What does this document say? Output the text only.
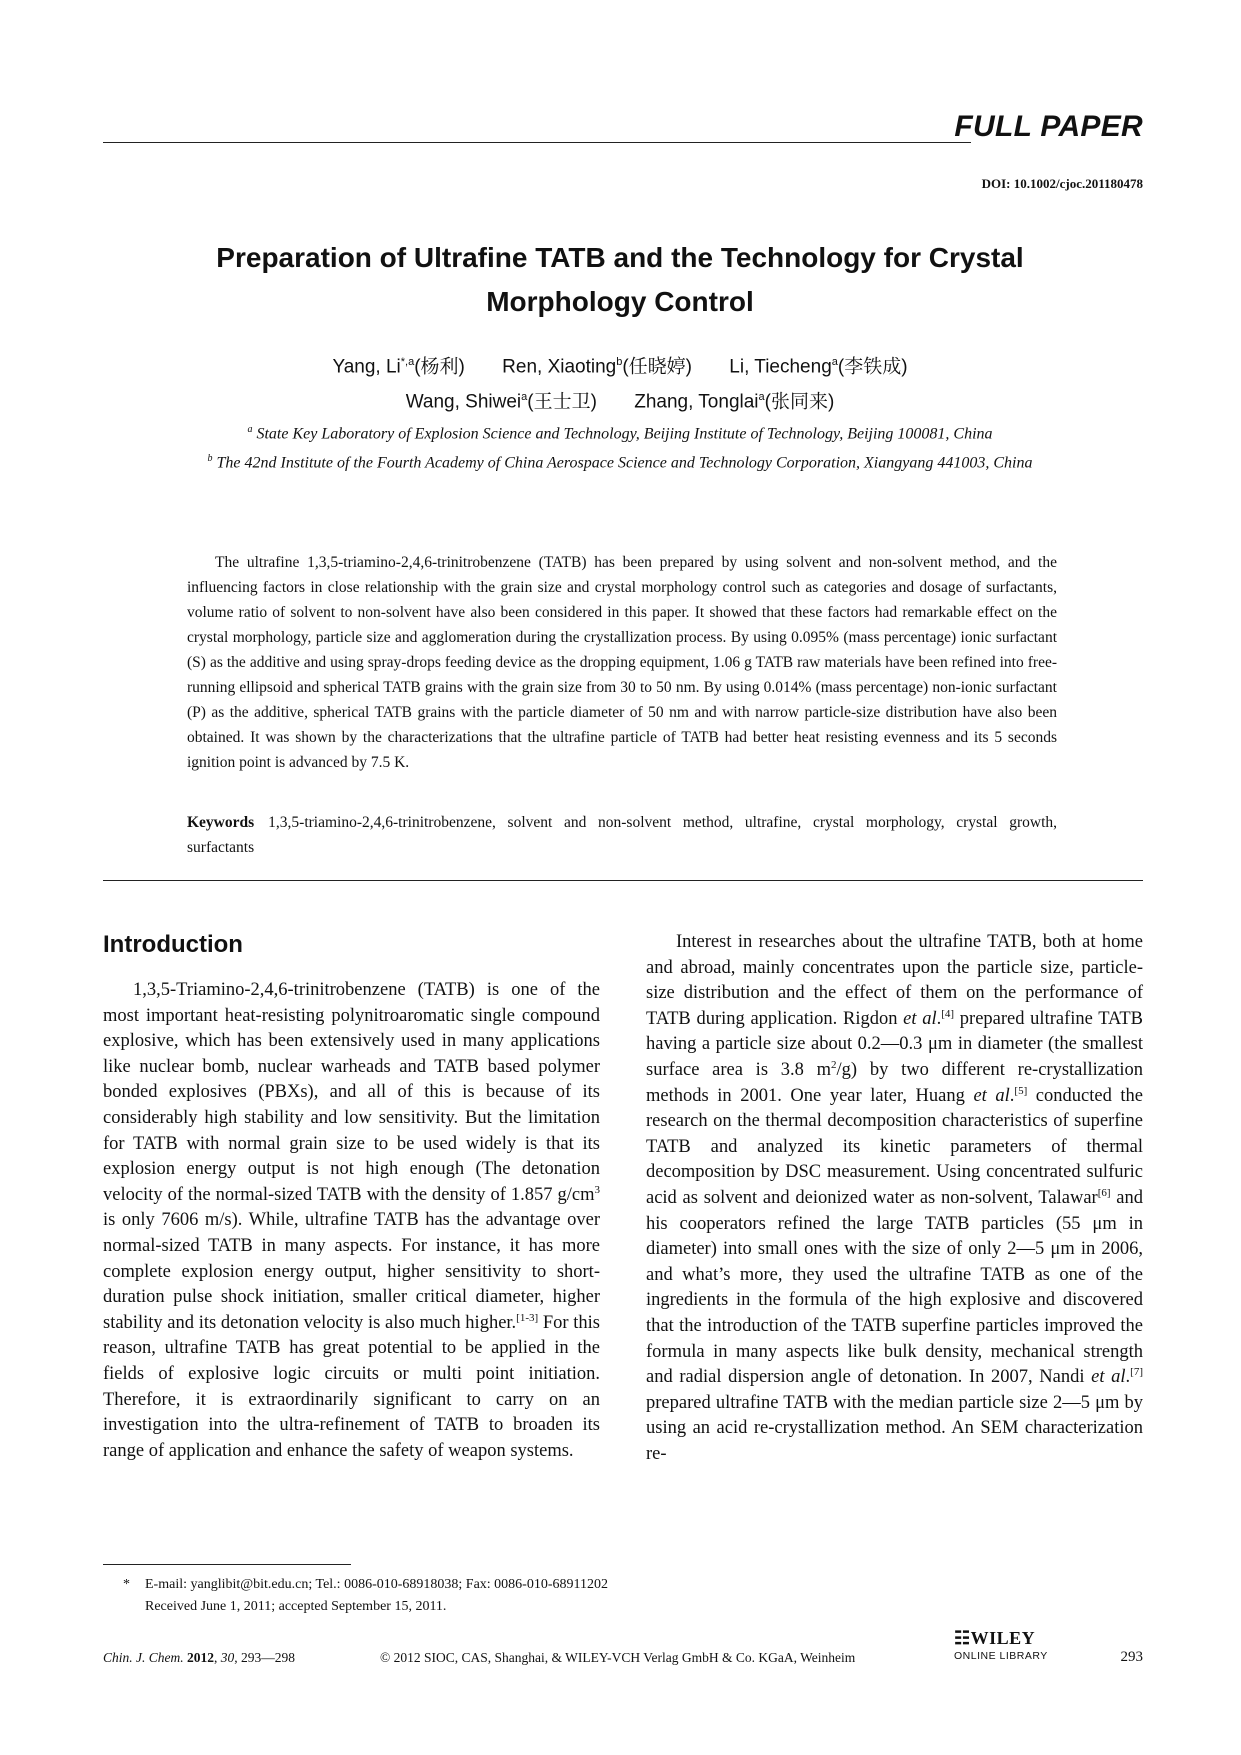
FULL PAPER
DOI: 10.1002/cjoc.201180478
Preparation of Ultrafine TATB and the Technology for Crystal Morphology Control
Yang, $Li^{*,a}$(杨利) Ren, Xiaoting$^b$(任晓婷) Li, Tiecheng$^a$(李铁成)
Wang, Shiwei$^a$(王士卫) Zhang, Tonglai$^a$(张同来)

$^a$ State Key Laboratory of Explosion Science and Technology, Beijing Institute of Technology, Beijing 100081, China

$^b$ The 42nd Institute of the Fourth Academy of China Aerospace Science and Technology Corporation, Xiangyang 441003, China

The ultrafine 1,3,5-triamino-2,4,6-trinitrobenzene (TATB) has been prepared by using solvent and non-solvent method, and the influencing factors in close relationship with the grain size and crystal morphology control such as categories and dosage of surfactants, volume ratio of solvent to non-solvent have also been considered in this paper. It showed that these factors had remarkable effect on the crystal morphology, particle size and agglomeration during the crystallization process. By using 0.095% (mass percentage) ionic surfactant (S) as the additive and using spray-drops feeding device as the dropping equipment, 1.06 g TATB raw materials have been refined into free-running ellipsoid and spherical TATB grains with the grain size from 30 to 50 nm. By using 0.014% (mass percentage) non-ionic surfactant (P) as the additive, spherical TATB grains with the particle diameter of 50 nm and with narrow particle-size distribution have also been obtained. It was shown by the characterizations that the ultrafine particle of TATB had better heat resisting evenness and its 5 seconds ignition point is advanced by 7.5 K.

Keywords 1,3,5-triamino-2,4,6-trinitrobenzene, solvent and non-solvent method, ultrafine, crystal morphology, crystal growth, surfactants

Introduction

1,3,5-Triamino-2,4,6-trinitrobenzene (TATB) is one of the most important heat-resisting polynitroaromatic single compound explosive, which has been extensively used in many applications like nuclear bomb, nuclear warheads and TATB based polymer bonded explosives (PBXs), and all of this is because of its considerably high stability and low sensitivity. But the limitation for TATB with normal grain size to be used widely is that its explosion energy output is not high enough (The detonation velocity of the normal-sized TATB with the density of 1.857 $g/cm^3$ is only 7606 m/s). While, ultrafine TATB has the advantage over normal-sized TATB in many aspects. For instance, it has more complete explosion energy output, higher sensitivity to short-duration pulse shock initiation, smaller critical diameter, higher stability and its detonation velocity is also much higher.[1-3] For this reason, ultrafine TATB has great potential to be applied in the fields of explosive logic circuits or multi point initiation. Therefore, it is extraordinarily significant to carry on an investigation into the ultra-refinement of TATB to broaden its range of application and enhance the safety of weapon systems.

Interest in researches about the ultrafine TATB, both at home and abroad, mainly concentrates upon the particle size, particle-size distribution and the effect of them on the performance of TATB during application. Rigdon et al.[4] prepared ultrafine TATB having a particle size about 0.2—0.3 μm in diameter (the smallest surface area is 3.8 $m^2/g$) by two different re-crystallization methods in 2001. One year later, Huang et al.[5] conducted the research on the thermal decomposition characteristics of superfine TATB and analyzed its kinetic parameters of thermal decomposition by DSC measurement. Using concentrated sulfuric acid as solvent and deionized water as non-solvent, Talawar[6] and his cooperators refined the large TATB particles (55 μm in diameter) into small ones with the size of only 2—5 μm in 2006, and what’s more, they used the ultrafine TATB as one of the ingredients in the formula of the high explosive and discovered that the introduction of the TATB superfine particles improved the formula in many aspects like bulk density, mechanical strength and radial dispersion angle of detonation. In 2007, Nandi et al.[7] prepared ultrafine TATB with the median particle size 2—5 μm by using an acid re-crystallization method. An SEM characterization re-

* E-mail: yanglibit@bit.edu.cn; Tel.: 0086-010-68918038; Fax: 0086-010-68911202
Received June 1, 2011; accepted September 15, 2011.
Chin. J. Chem. 2012, 30, 293—298	© 2012 SIOC, CAS, Shanghai, & WILEY-VCH Verlag GmbH & Co. KGaA, Weinheim
☷WILEY
ONLINE LIBRARY	293
